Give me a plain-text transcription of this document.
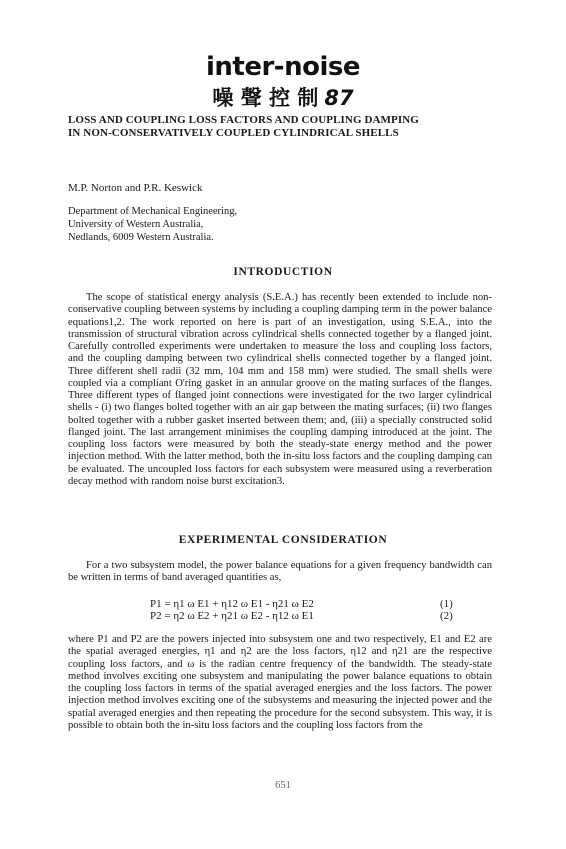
inter-noise
噪 聲 控 制 87
LOSS AND COUPLING LOSS FACTORS AND COUPLING DAMPING
IN NON-CONSERVATIVELY COUPLED CYLINDRICAL SHELLS
M.P. Norton and P.R. Keswick
Department of Mechanical Engineering,
University of Western Australia,
Nedlands, 6009 Western Australia.
INTRODUCTION

The scope of statistical energy analysis (S.E.A.) has recently been extended to include non-conservative coupling between systems by including a coupling damping term in the power balance equations1,2. The work reported on here is part of an investigation, using S.E.A., into the transmission of structural vibration across cylindrical shells connected together by a flanged joint. Carefully controlled experiments were undertaken to measure the loss and coupling loss factors, and the coupling damping between two cylindrical shells connected together by a flanged joint. Three different shell radii (32 mm, 104 mm and 158 mm) were studied. The small shells were coupled via a compliant O'ring gasket in an annular groove on the mating surfaces of the flanges. Three different types of flanged joint connections were investigated for the two larger cylindrical shells - (i) two flanges bolted together with an air gap between the mating surfaces; (ii) two flanges bolted together with a rubber gasket inserted between them; and, (iii) a specially constructed solid flanged joint. The last arrangement minimises the coupling damping introduced at the joint. The coupling loss factors were measured by both the steady-state energy method and the power injection method. With the latter method, both the in-situ loss factors and the coupling damping can be evaluated. The uncoupled loss factors for each subsystem were measured using a reverberation decay method with random noise burst excitation3.

EXPERIMENTAL CONSIDERATION

For a two subsystem model, the power balance equations for a given frequency bandwidth can be written in terms of band averaged quantities as,

P1 = η1 ω E1 + η12 ω E1 - η21 ω E2	(1)
P2 = η2 ω E2 + η21 ω E2 - η12 ω E1	(2)

where P1 and P2 are the powers injected into subsystem one and two respectively, E1 and E2 are the spatial averaged energies, η1 and η2 are the loss factors, η12 and η21 are the respective coupling loss factors, and ω is the radian centre frequency of the bandwidth. The steady-state method involves exciting one subsystem and manipulating the power balance equations to obtain the coupling loss factors in terms of the spatial averaged energies and the loss factors. The power injection method involves exciting one of the subsystems and measuring the injected power and the spatial averaged energies and then repeating the procedure for the second subsystem. This way, it is possible to obtain both the in-situ loss factors and the coupling loss factors from the

651
